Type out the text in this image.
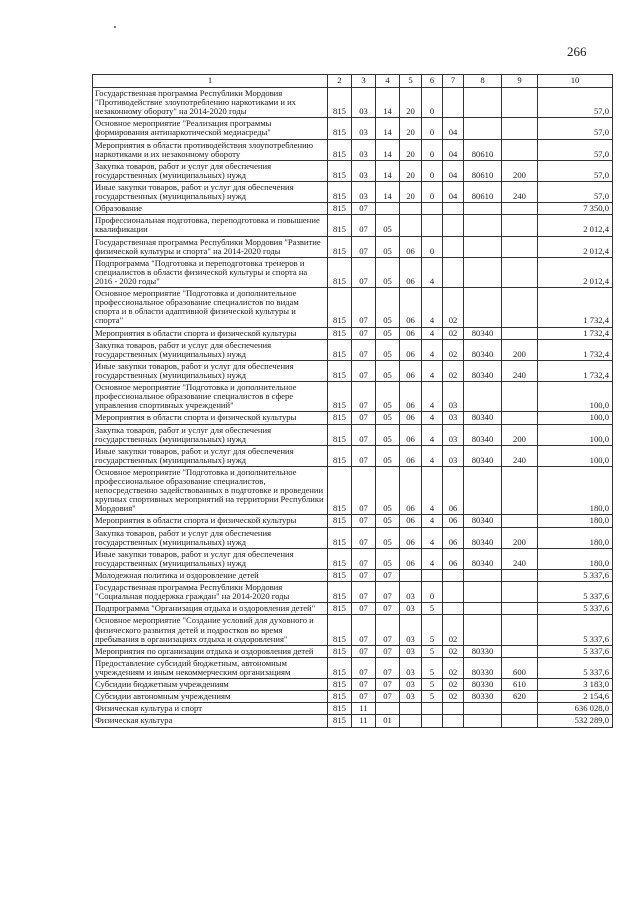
266
1	2	3	4	5	6	7	8	9	10
Государственная программа Республики Мордовия "Противодействие злоупотреблению наркотиками и их незаконному обороту" на 2014-2020 годы	815	03	14	20	0				57,0
Основное мероприятие "Реализация программы формирования антинаркотической медиасреды"	815	03	14	20	0	04			57,0
Мероприятия в области противодействия злоупотреблению наркотиками и их незаконному обороту	815	03	14	20	0	04	80610		57,0
Закупка товаров, работ и услуг для обеспечения государственных (муниципальных) нужд	815	03	14	20	0	04	80610	200	57,0
Иные закупки товаров, работ и услуг для обеспечения государственных (муниципальных) нужд	815	03	14	20	0	04	80610	240	57,0
Образование	815	07							7 350,0
Профессиональная подготовка, переподготовка и повышение квалификации	815	07	05						2 012,4
Государственная программа Республики Мордовия "Развитие физической культуры и спорта" на 2014-2020 годы	815	07	05	06	0				2 012,4
Подпрограмма "Подготовка и переподготовка тренеров и специалистов в области физической культуры и спорта на 2016 - 2020 годы"	815	07	05	06	4				2 012,4
Основное мероприятие "Подготовка и дополнительное профессиональное образование специалистов по видам спорта и в области адаптивной физической культуры и спорта"	815	07	05	06	4	02			1 732,4
Мероприятия в области спорта и физической культуры	815	07	05	06	4	02	80340		1 732,4
Закупка товаров, работ и услуг для обеспечения государственных (муниципальных) нужд	815	07	05	06	4	02	80340	200	1 732,4
Иные закупки товаров, работ и услуг для обеспечения государственных (муниципальных) нужд	815	07	05	06	4	02	80340	240	1 732,4
Основное мероприятие "Подготовка и дополнительное профессиональное образование специалистов в сфере управления спортивных учреждений"	815	07	05	06	4	03			100,0
Мероприятия в области спорта и физической культуры	815	07	05	06	4	03	80340		100,0
Закупка товаров, работ и услуг для обеспечения государственных (муниципальных) нужд	815	07	05	06	4	03	80340	200	100,0
Иные закупки товаров, работ и услуг для обеспечения государственных (муниципальных) нужд	815	07	05	06	4	03	80340	240	100,0
Основное мероприятие "Подготовка и дополнительное профессиональное образование специалистов, непосредственно задействованных в подготовке и проведении крупных спортивных мероприятий на территории Республики Мордовия"	815	07	05	06	4	06			180,0
Мероприятия в области спорта и физической культуры	815	07	05	06	4	06	80340		180,0
Закупка товаров, работ и услуг для обеспечения государственных (муниципальных) нужд	815	07	05	06	4	06	80340	200	180,0
Иные закупки товаров, работ и услуг для обеспечения государственных (муниципальных) нужд	815	07	05	06	4	06	80340	240	180,0
Молодежная политика и оздоровление детей	815	07	07						5 337,6
Государственная программа Республики Мордовия "Социальная поддержка граждан" на 2014-2020 годы	815	07	07	03	0				5 337,6
Подпрограмма "Организация отдыха и оздоровления детей"	815	07	07	03	5				5 337,6
Основное мероприятие "Создание условий для духовного и физического развития детей и подростков во время пребывания в организациях отдыха и оздоровления"	815	07	07	03	5	02			5 337,6
Мероприятия по организации отдыха и оздоровления детей	815	07	07	03	5	02	80330		5 337,6
Предоставление субсидий бюджетным, автономным учреждениям и иным некоммерческим организациям	815	07	07	03	5	02	80330	600	5 337,6
Субсидии бюджетным учреждениям	815	07	07	03	5	02	80330	610	3 183,0
Субсидии автономным учреждениям	815	07	07	03	5	02	80330	620	2 154,6
Физическая культура и спорт	815	11							636 028,0
Физическая культура	815	11	01						532 289,0
